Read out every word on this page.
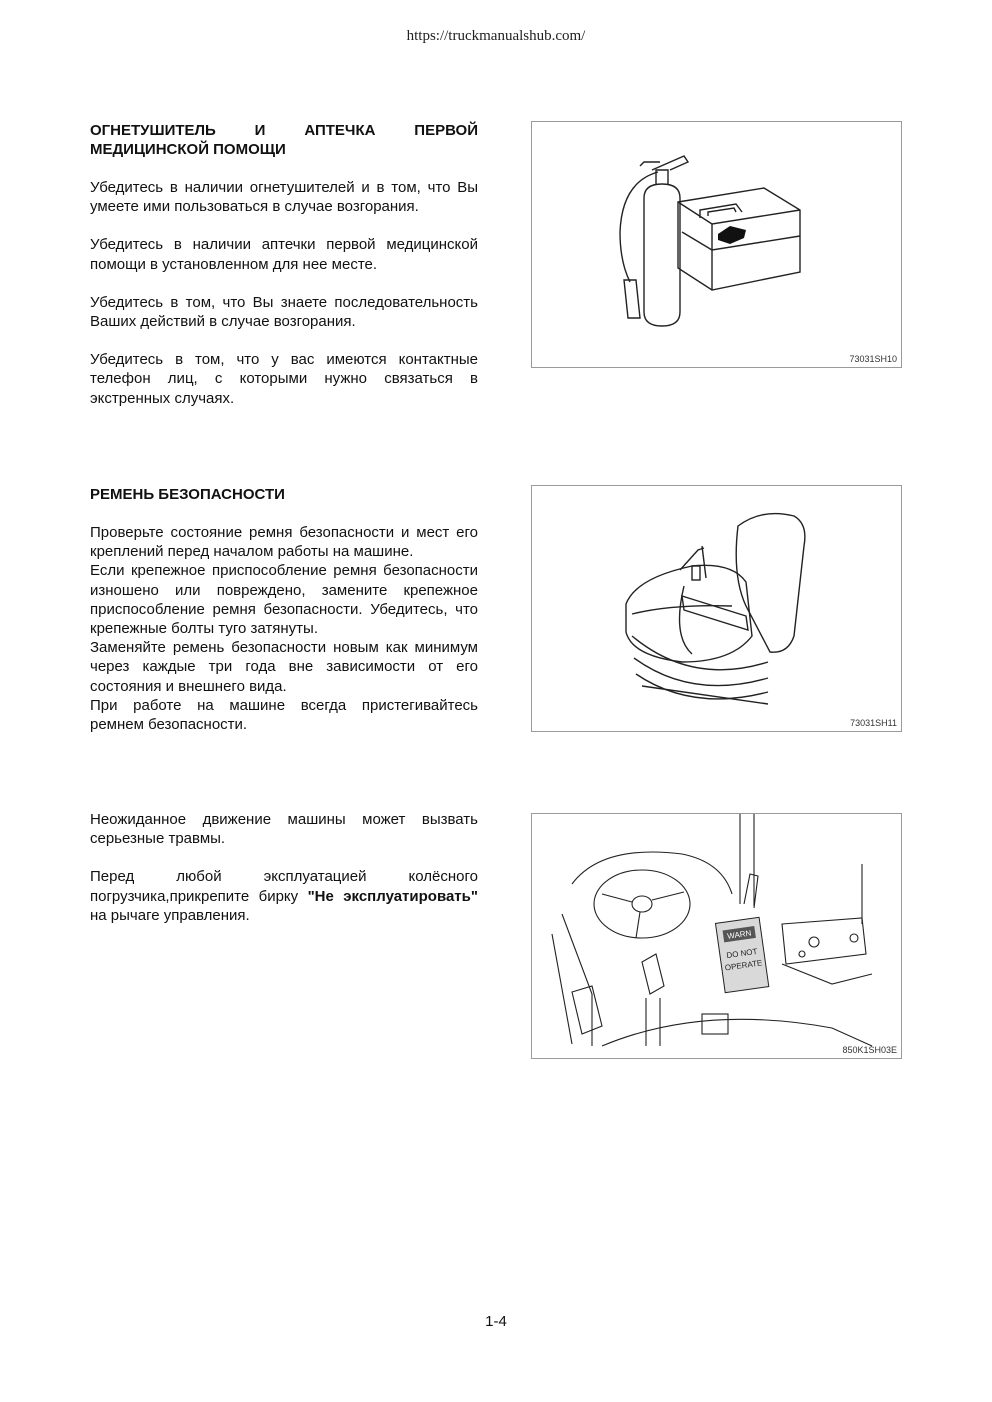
https://truckmanualshub.com/
ОГНЕТУШИТЕЛЬ И АПТЕЧКА ПЕРВОЙ МЕДИЦИНСКОЙ ПОМОЩИ

Убедитесь в наличии огнетушителей и в том, что Вы умеете ими пользоваться в случае возгорания.

Убедитесь в наличии аптечки первой медицинской помощи в установленном для нее месте.

Убедитесь в том, что Вы знаете последовательность Ваших действий в случае возгорания.

Убедитесь в том, что у вас имеются контактные телефон лиц, с которыми нужно связаться в экстренных случаях.

РЕМЕНЬ БЕЗОПАСНОСТИ

Проверьте состояние ремня безопасности и мест его креплений перед началом работы на машине.

Если крепежное приспособление ремня безопасности изношено или повреждено, замените крепежное приспособление ремня безопасности. Убедитесь, что крепежные болты туго затянуты.

Заменяйте ремень безопасности новым как минимум через каждые три года вне зависимости от его состояния и внешнего вида.

При работе на машине всегда пристегивайтесь ремнем безопасности.

Неожиданное движение машины может вызвать серьезные травмы.

Перед любой эксплуатацией колёсного погрузчика,прикрепите бирку "Не эксплуатировать" на рычаге управления.

73031SH10
73031SH11
WARN
DO NOT
OPERATE
850K1SH03E
1-4
